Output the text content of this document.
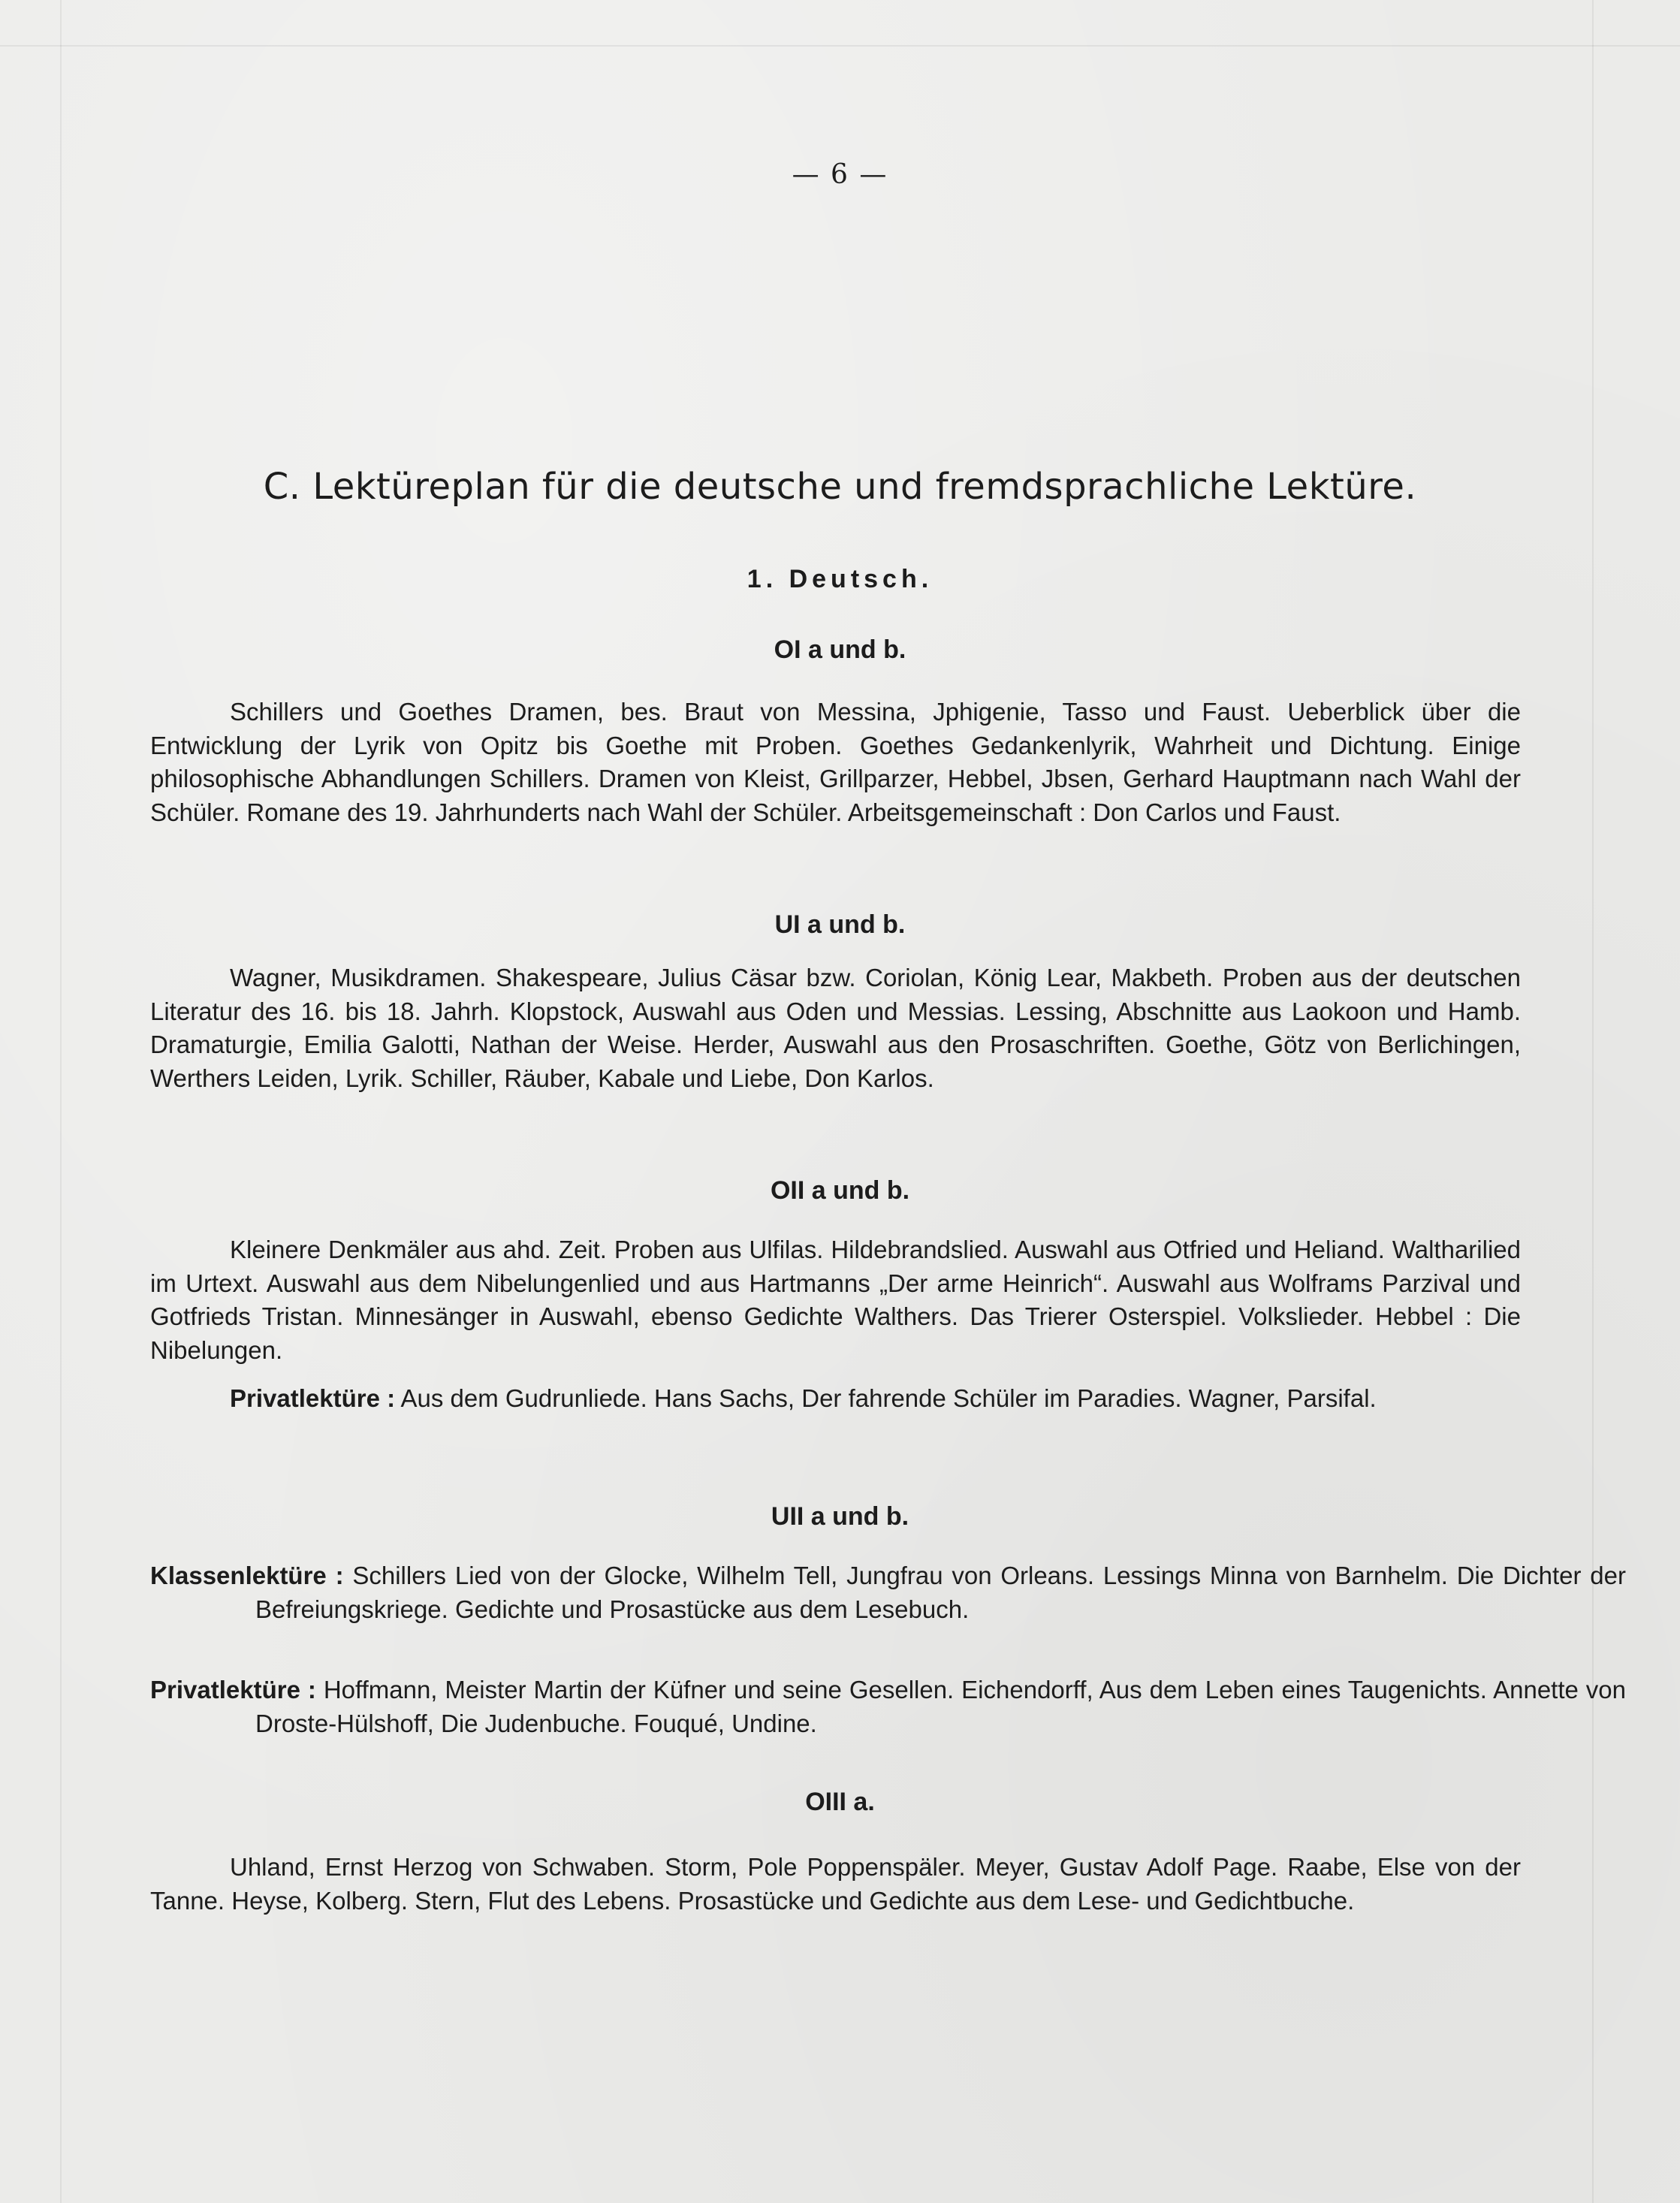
— 6 —
C. Lektüreplan für die deutsche und fremdsprachliche Lektüre.
1. Deutsch.
OI a und b.
Schillers und Goethes Dramen, bes. Braut von Messina, Jphigenie, Tasso und Faust. Ueberblick über die Entwicklung der Lyrik von Opitz bis Goethe mit Proben. Goethes Gedankenlyrik, Wahrheit und Dichtung. Einige philosophische Abhandlungen Schillers. Dramen von Kleist, Grillparzer, Hebbel, Jbsen, Gerhard Hauptmann nach Wahl der Schüler. Romane des 19. Jahrhunderts nach Wahl der Schüler. Arbeitsgemeinschaft : Don Carlos und Faust.
UI a und b.
Wagner, Musikdramen. Shakespeare, Julius Cäsar bzw. Coriolan, König Lear, Makbeth. Proben aus der deutschen Literatur des 16. bis 18. Jahrh. Klopstock, Auswahl aus Oden und Messias. Lessing, Abschnitte aus Laokoon und Hamb. Dramaturgie, Emilia Galotti, Nathan der Weise. Herder, Auswahl aus den Prosaschriften. Goethe, Götz von Berlichingen, Werthers Leiden, Lyrik. Schiller, Räuber, Kabale und Liebe, Don Karlos.
OII a und b.
Kleinere Denkmäler aus ahd. Zeit. Proben aus Ulfilas. Hildebrandslied. Auswahl aus Otfried und Heliand. Waltharilied im Urtext. Auswahl aus dem Nibelungenlied und aus Hartmanns „Der arme Heinrich“. Auswahl aus Wolframs Parzival und Gotfrieds Tristan. Minnesänger in Auswahl, ebenso Gedichte Walthers. Das Trierer Osterspiel. Volkslieder. Hebbel : Die Nibelungen.
Privatlektüre : Aus dem Gudrunliede. Hans Sachs, Der fahrende Schüler im Paradies. Wagner, Parsifal.
UII a und b.
Klassenlektüre : Schillers Lied von der Glocke, Wilhelm Tell, Jungfrau von Orleans. Lessings Minna von Barnhelm. Die Dichter der Befreiungskriege. Gedichte und Prosastücke aus dem Lesebuch.
Privatlektüre : Hoffmann, Meister Martin der Küfner und seine Gesellen. Eichendorff, Aus dem Leben eines Taugenichts. Annette von Droste-Hülshoff, Die Judenbuche. Fouqué, Undine.
OIII a.
Uhland, Ernst Herzog von Schwaben. Storm, Pole Poppenspäler. Meyer, Gustav Adolf Page. Raabe, Else von der Tanne. Heyse, Kolberg. Stern, Flut des Lebens. Prosastücke und Gedichte aus dem Lese- und Gedichtbuche.
